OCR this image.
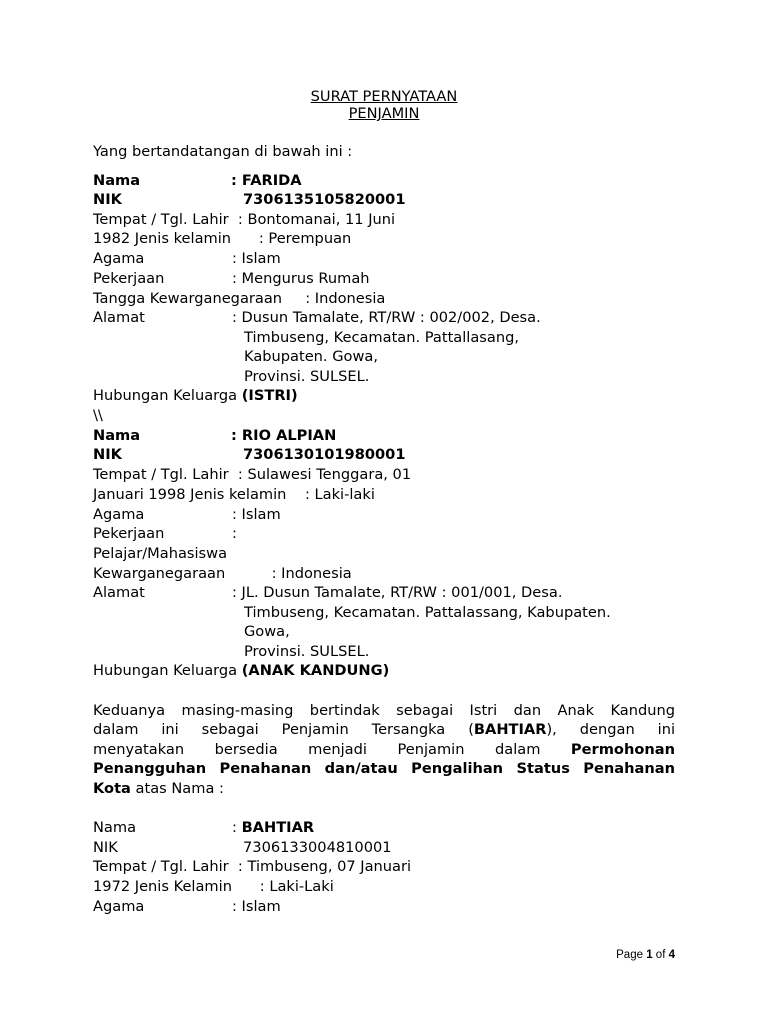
SURAT PERNYATAAN

PENJAMIN

Yang bertandatangan di bawah ini :

Nama	: FARIDA

NIK	7306135105820001

Tempat / Tgl. Lahir  : Bontomanai, 11 Juni

1982 Jenis kelamin      : Perempuan

Agama	: Islam

Pekerjaan	: Mengurus Rumah

Tangga Kewarganegaraan     : Indonesia

Alamat	: Dusun Tamalate, RT/RW : 002/002, Desa.

Timbuseng, Kecamatan. Pattallasang,

Kabupaten. Gowa,

Provinsi. SULSEL.

Hubungan Keluarga (ISTRI)

\\

Nama	: RIO ALPIAN

NIK	7306130101980001

Tempat / Tgl. Lahir  : Sulawesi Tenggara, 01

Januari 1998 Jenis kelamin    : Laki-laki

Agama	: Islam

Pekerjaan	:

Pelajar/Mahasiswa

Kewarganegaraan          : Indonesia

Alamat	: JL. Dusun Tamalate, RT/RW : 001/001, Desa.

Timbuseng, Kecamatan. Pattalassang, Kabupaten.

Gowa,

Provinsi. SULSEL.

Hubungan Keluarga (ANAK KANDUNG)

Keduanya masing-masing bertindak sebagai Istri dan Anak Kandung

dalam ini sebagai Penjamin Tersangka (BAHTIAR), dengan ini

menyatakan bersedia menjadi Penjamin dalam Permohonan

Penangguhan Penahanan dan/atau Pengalihan Status Penahanan

Kota atas Nama :

Nama	: BAHTIAR

NIK	7306133004810001

Tempat / Tgl. Lahir  : Timbuseng, 07 Januari

1972 Jenis Kelamin      : Laki-Laki

Agama	: Islam

Page 1 of 4
